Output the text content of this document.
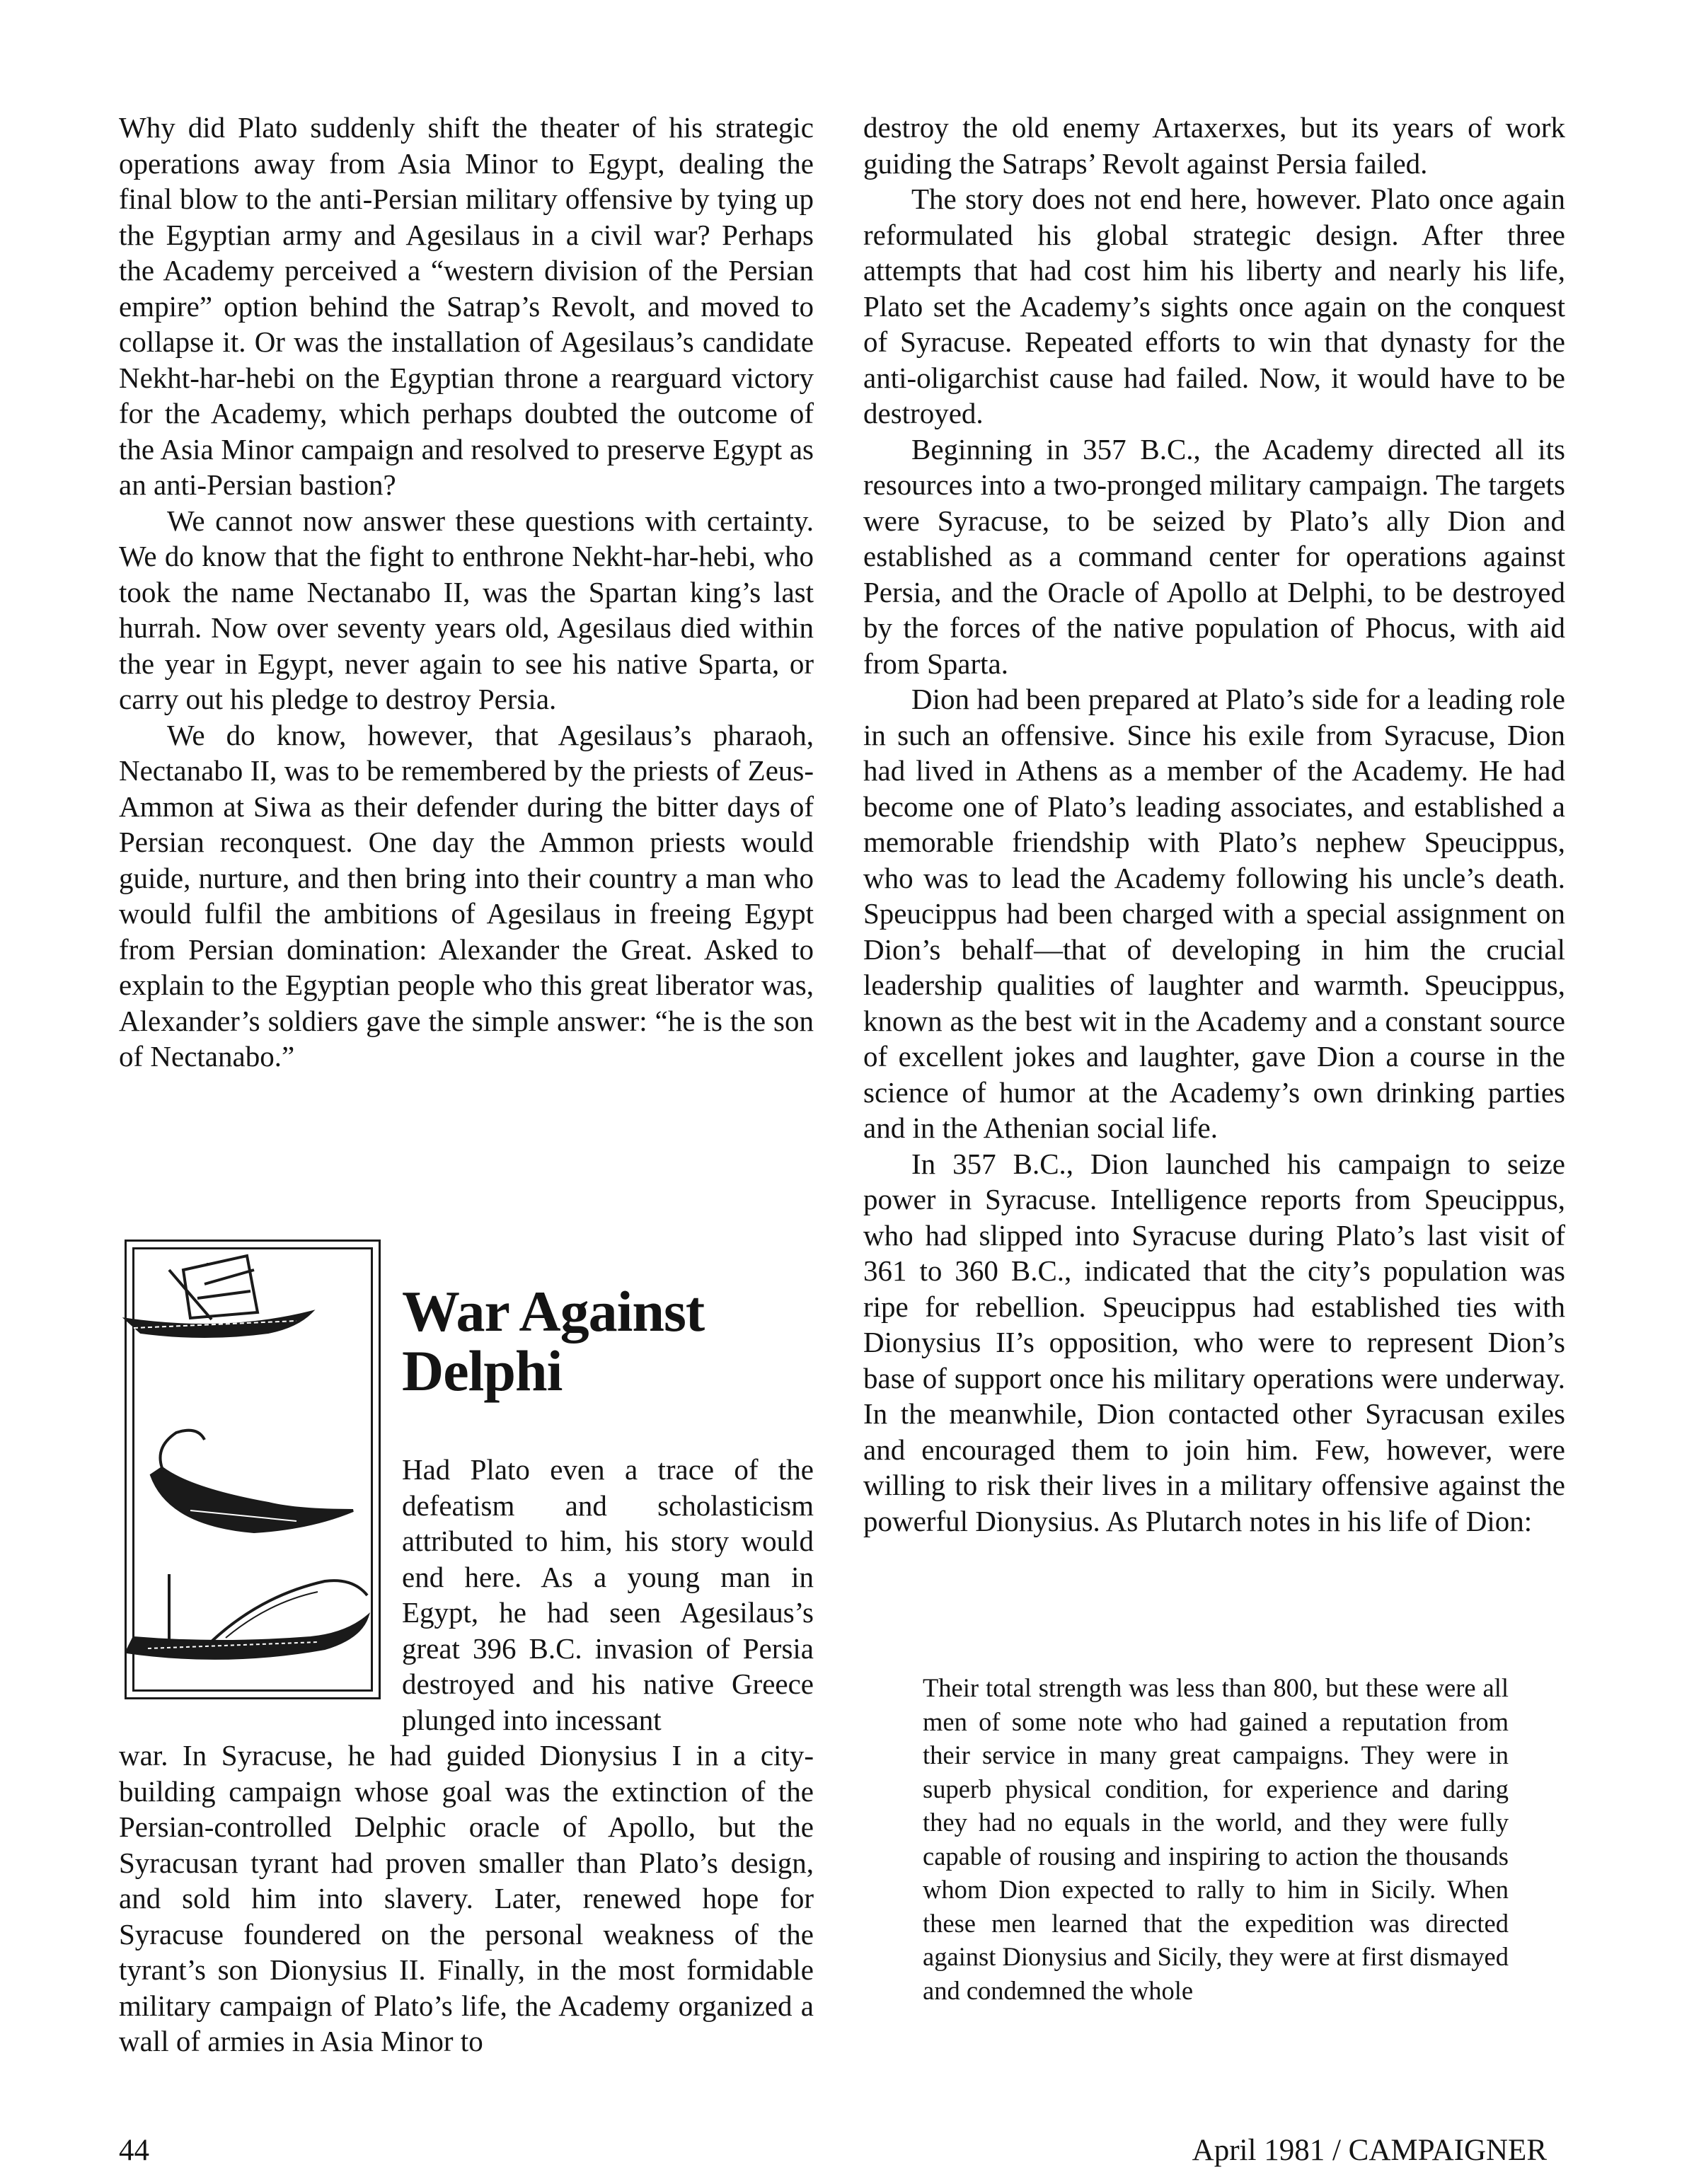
Why did Plato suddenly shift the theater of his strategic operations away from Asia Minor to Egypt, dealing the final blow to the anti-Persian military offensive by tying up the Egyptian army and Agesilaus in a civil war? Perhaps the Academy perceived a “western division of the Persian empire” option behind the Satrap’s Revolt, and moved to collapse it. Or was the installation of Agesilaus’s candidate Nekht-har-hebi on the Egyptian throne a rearguard victory for the Academy, which perhaps doubted the outcome of the Asia Minor campaign and resolved to preserve Egypt as an anti-Persian bastion?

We cannot now answer these questions with certainty. We do know that the fight to enthrone Nekht-har-hebi, who took the name Nectanabo II, was the Spartan king’s last hurrah. Now over seventy years old, Agesilaus died within the year in Egypt, never again to see his native Sparta, or carry out his pledge to destroy Persia.

We do know, however, that Agesilaus’s pharaoh, Nectanabo II, was to be remembered by the priests of Zeus-Ammon at Siwa as their defender during the bitter days of Persian reconquest. One day the Ammon priests would guide, nurture, and then bring into their country a man who would fulfil the ambitions of Agesilaus in freeing Egypt from Persian domination: Alexander the Great. Asked to explain to the Egyptian people who this great liberator was, Alexander’s soldiers gave the simple answer: “he is the son of Nectanabo.”

War Against Delphi

Had Plato even a trace of the defeatism and scholasticism attributed to him, his story would end here. As a young man in Egypt, he had seen Agesilaus’s great 396 B.C. invasion of Persia destroyed and his native Greece plunged into incessant

war. In Syracuse, he had guided Dionysius I in a city-building campaign whose goal was the extinction of the Persian-controlled Delphic oracle of Apollo, but the Syracusan tyrant had proven smaller than Plato’s design, and sold him into slavery. Later, renewed hope for Syracuse foundered on the personal weakness of the tyrant’s son Dionysius II. Finally, in the most formidable military campaign of Plato’s life, the Academy organized a wall of armies in Asia Minor to

destroy the old enemy Artaxerxes, but its years of work guiding the Satraps’ Revolt against Persia failed.

The story does not end here, however. Plato once again reformulated his global strategic design. After three attempts that had cost him his liberty and nearly his life, Plato set the Academy’s sights once again on the conquest of Syracuse. Repeated efforts to win that dynasty for the anti-oligarchist cause had failed. Now, it would have to be destroyed.

Beginning in 357 B.C., the Academy directed all its resources into a two-pronged military campaign. The targets were Syracuse, to be seized by Plato’s ally Dion and established as a command center for operations against Persia, and the Oracle of Apollo at Delphi, to be destroyed by the forces of the native population of Phocus, with aid from Sparta.

Dion had been prepared at Plato’s side for a leading role in such an offensive. Since his exile from Syracuse, Dion had lived in Athens as a member of the Academy. He had become one of Plato’s leading associates, and established a memorable friendship with Plato’s nephew Speucippus, who was to lead the Academy following his uncle’s death. Speucippus had been charged with a special assignment on Dion’s behalf—that of developing in him the crucial leadership qualities of laughter and warmth. Speucippus, known as the best wit in the Academy and a constant source of excellent jokes and laughter, gave Dion a course in the science of humor at the Academy’s own drinking parties and in the Athenian social life.

In 357 B.C., Dion launched his campaign to seize power in Syracuse. Intelligence reports from Speucippus, who had slipped into Syracuse during Plato’s last visit of 361 to 360 B.C., indicated that the city’s population was ripe for rebellion. Speucippus had established ties with Dionysius II’s opposition, who were to represent Dion’s base of support once his military operations were underway. In the meanwhile, Dion contacted other Syracusan exiles and encouraged them to join him. Few, however, were willing to risk their lives in a military offensive against the powerful Dionysius. As Plutarch notes in his life of Dion:

Their total strength was less than 800, but these were all men of some note who had gained a reputation from their service in many great campaigns. They were in superb physical condition, for experience and daring they had no equals in the world, and they were fully capable of rousing and inspiring to action the thousands whom Dion expected to rally to him in Sicily. When these men learned that the expedition was directed against Dionysius and Sicily, they were at first dismayed and condemned the whole

44	April 1981 / CAMPAIGNER
